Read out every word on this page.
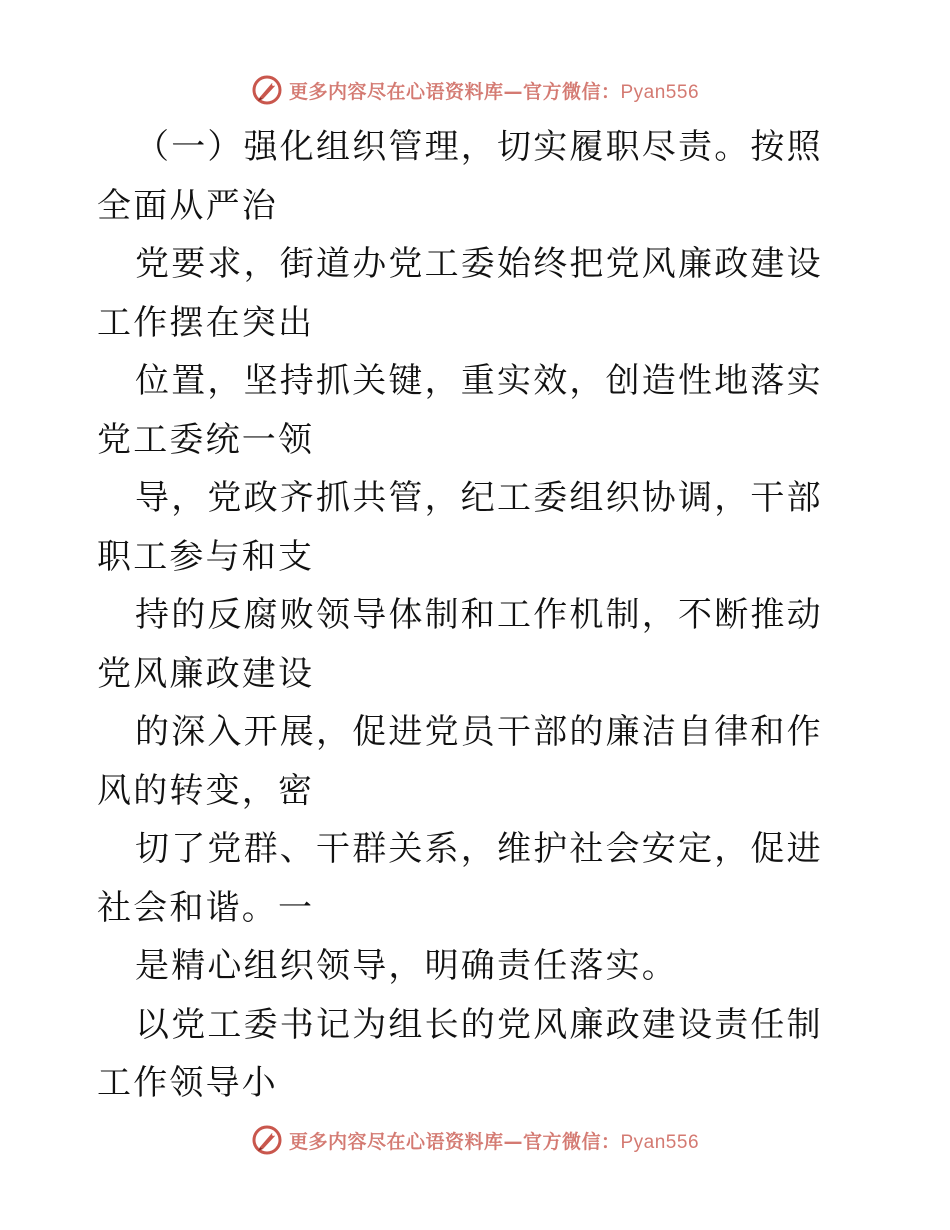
更多内容尽在心语资料库—官方微信：Pyan556

（一）强化组织管理，切实履职尽责。按照全面从严治

党要求，街道办党工委始终把党风廉政建设工作摆在突出

位置，坚持抓关键，重实效，创造性地落实党工委统一领

导，党政齐抓共管，纪工委组织协调，干部职工参与和支

持的反腐败领导体制和工作机制，不断推动党风廉政建设

的深入开展，促进党员干部的廉洁自律和作风的转变，密

切了党群、干群关系，维护社会安定，促进社会和谐。一

是精心组织领导，明确责任落实。

以党工委书记为组长的党风廉政建设责任制工作领导小

更多内容尽在心语资料库—官方微信：Pyan556
